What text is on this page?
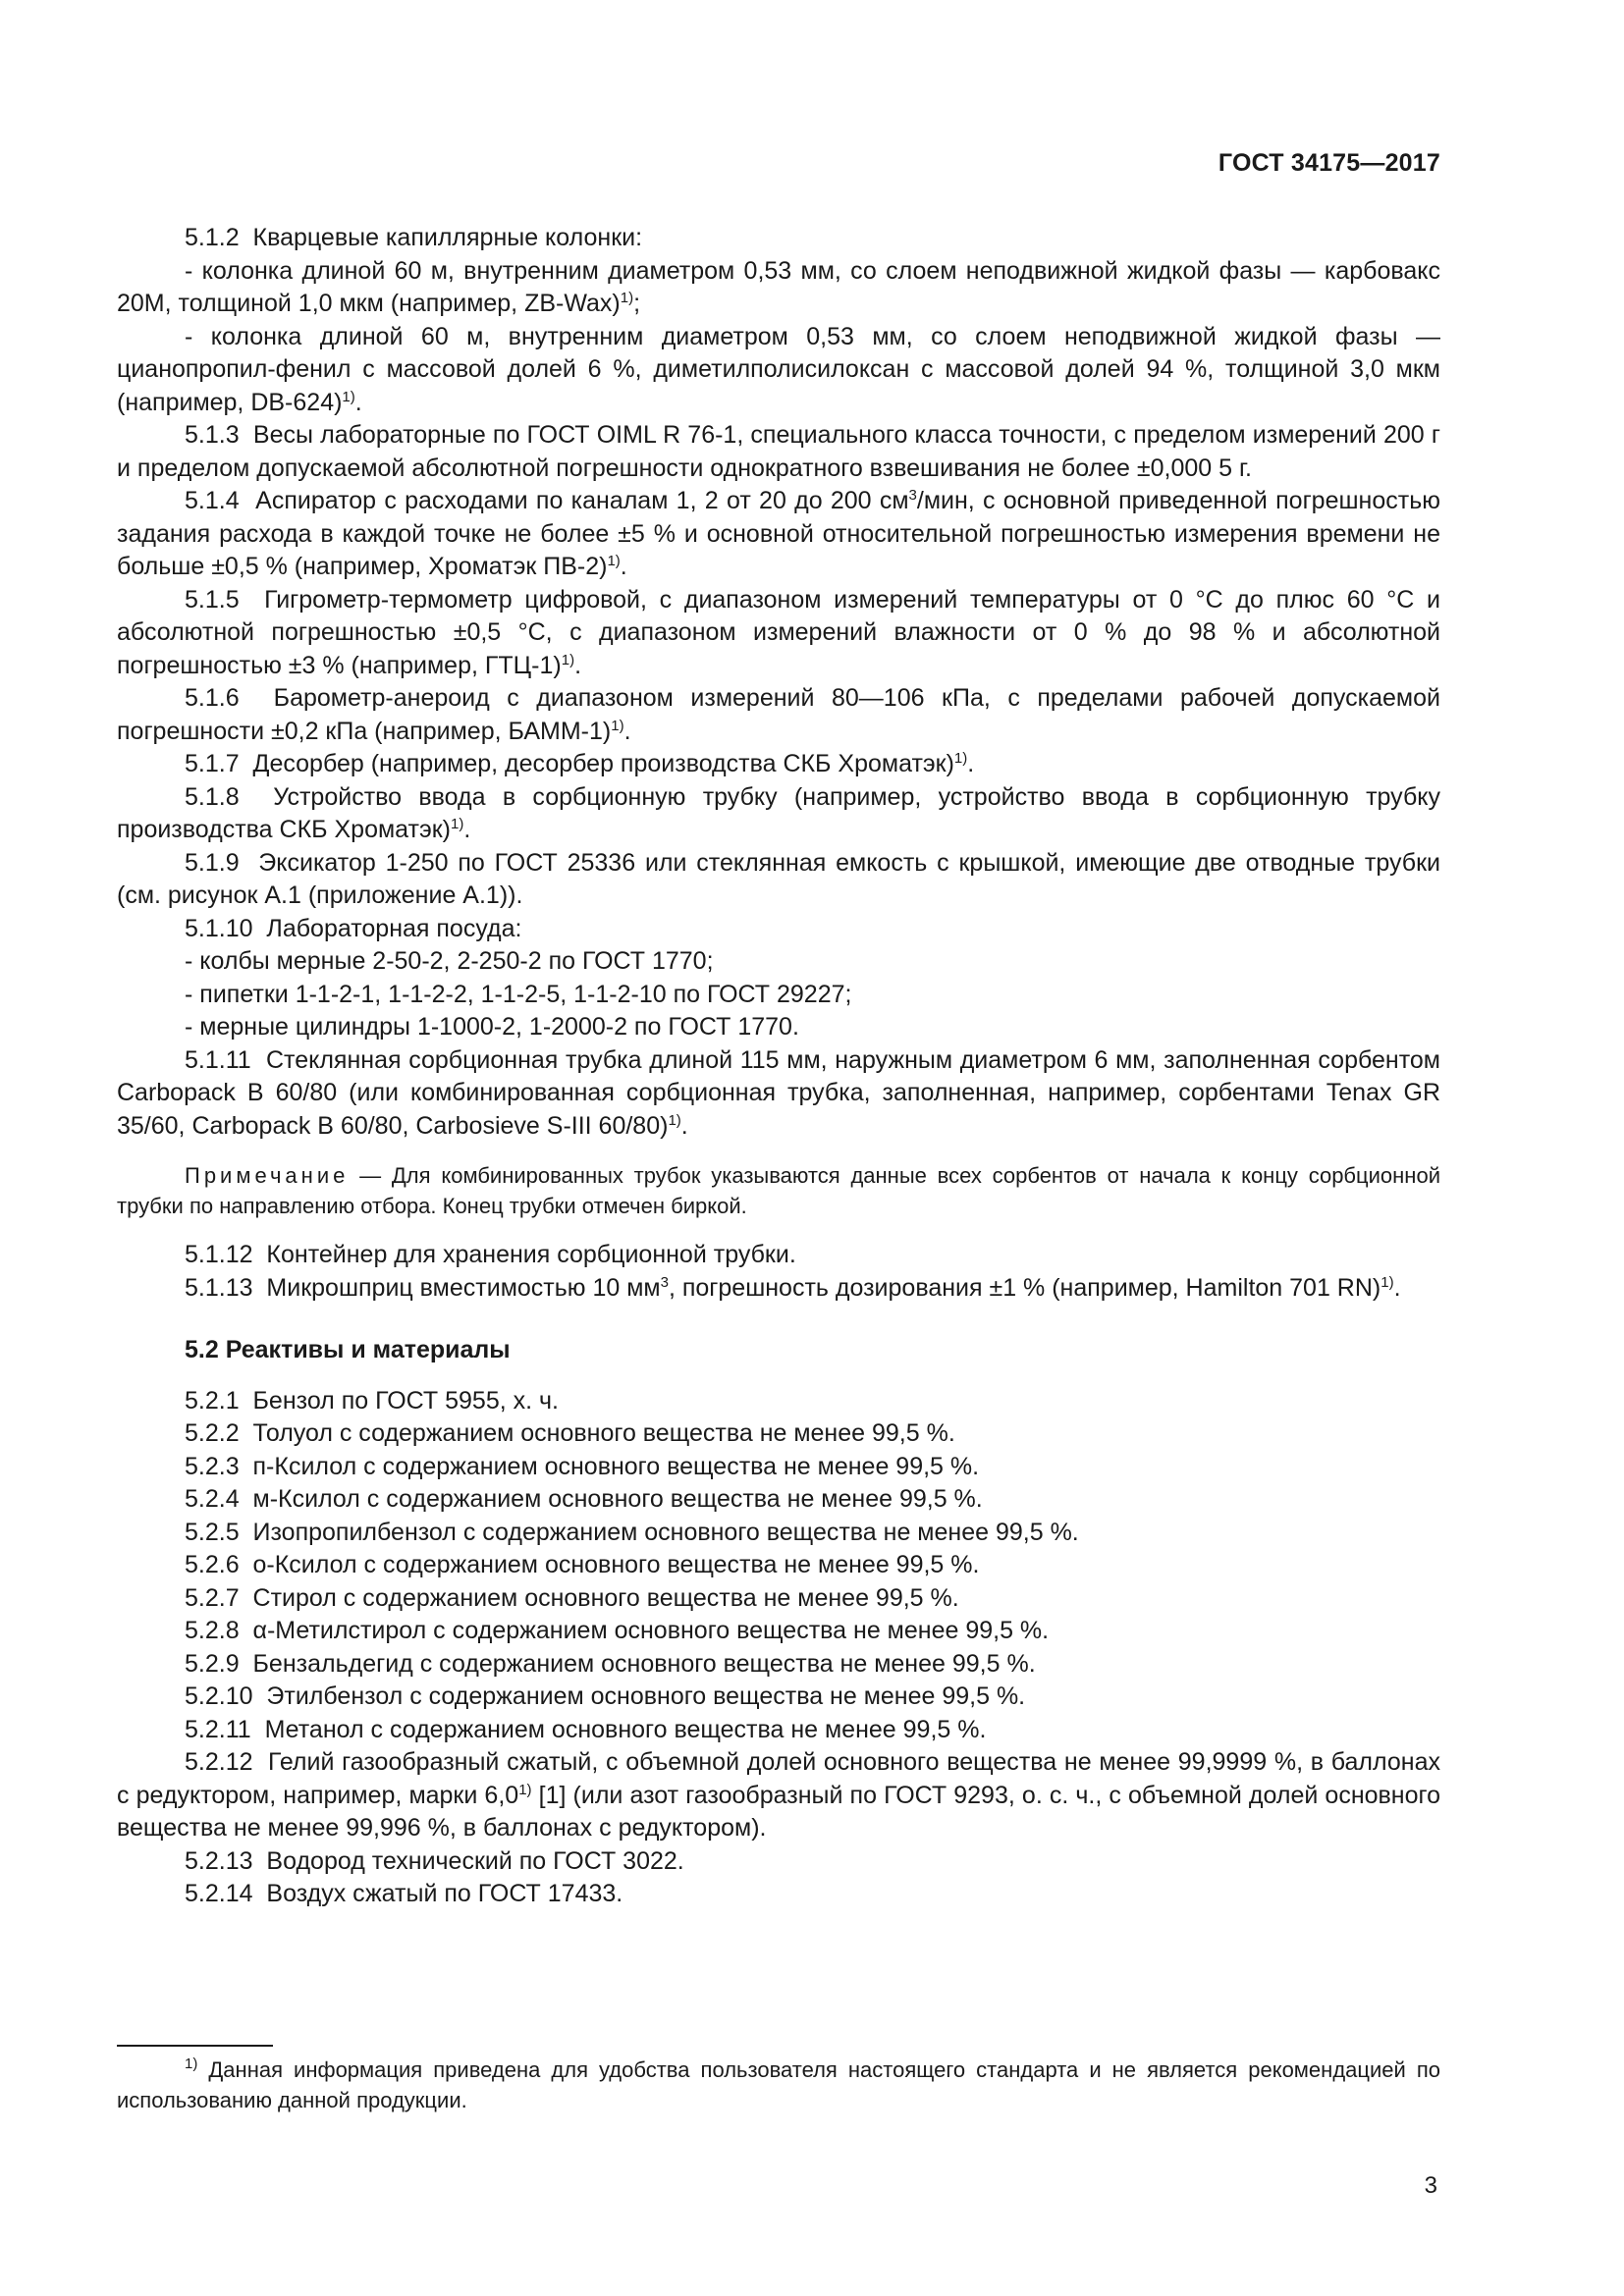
ГОСТ 34175—2017

5.1.2 Кварцевые капиллярные колонки:

- колонка длиной 60 м, внутренним диаметром 0,53 мм, со слоем неподвижной жидкой фазы — карбовакс 20М, толщиной 1,0 мкм (например, ZB-Wax)$^{1)}$;

- колонка длиной 60 м, внутренним диаметром 0,53 мм, со слоем неподвижной жидкой фазы — цианопропил-фенил с массовой долей 6 %, диметилполисилоксан с массовой долей 94 %, толщиной 3,0 мкм (например, DB-624)$^{1)}$.

5.1.3 Весы лабораторные по ГОСТ OIML R 76-1, специального класса точности, с пределом измерений 200 г и пределом допускаемой абсолютной погрешности однократного взвешивания не более ±0,000 5 г.

5.1.4 Аспиратор с расходами по каналам 1, 2 от 20 до 200 $см^3$/мин, с основной приведенной погрешностью задания расхода в каждой точке не более ±5 % и основной относительной погрешностью измерения времени не больше ±0,5 % (например, Хроматэк ПВ-2)$^{1)}$.

5.1.5 Гигрометр-термометр цифровой, с диапазоном измерений температуры от 0 °С до плюс 60 °С и абсолютной погрешностью ±0,5 °С, с диапазоном измерений влажности от 0 % до 98 % и абсолютной погрешностью ±3 % (например, ГТЦ-1)$^{1)}$.

5.1.6 Барометр-анероид с диапазоном измерений 80—106 кПа, с пределами рабочей допускаемой погрешности ±0,2 кПа (например, БАММ-1)$^{1)}$.

5.1.7 Десорбер (например, десорбер производства СКБ Хроматэк)$^{1)}$.

5.1.8 Устройство ввода в сорбционную трубку (например, устройство ввода в сорбционную трубку производства СКБ Хроматэк)$^{1)}$.

5.1.9 Эксикатор 1-250 по ГОСТ 25336 или стеклянная емкость с крышкой, имеющие две отводные трубки (см. рисунок А.1 (приложение А.1)).

5.1.10 Лабораторная посуда:

- колбы мерные 2-50-2, 2-250-2 по ГОСТ 1770;

- пипетки 1-1-2-1, 1-1-2-2, 1-1-2-5, 1-1-2-10 по ГОСТ 29227;

- мерные цилиндры 1-1000-2, 1-2000-2 по ГОСТ 1770.

5.1.11 Стеклянная сорбционная трубка длиной 115 мм, наружным диаметром 6 мм, заполненная сорбентом Carbopack B 60/80 (или комбинированная сорбционная трубка, заполненная, например, сорбентами Tenax GR 35/60, Carbopack B 60/80, Carbosieve S-III 60/80)$^{1)}$.

Примечание — Для комбинированных трубок указываются данные всех сорбентов от начала к концу сорбционной трубки по направлению отбора. Конец трубки отмечен биркой.

5.1.12 Контейнер для хранения сорбционной трубки.

5.1.13 Микрошприц вместимостью 10 $мм^3$, погрешность дозирования ±1 % (например, Hamilton 701 RN)$^{1)}$.

5.2 Реактивы и материалы

5.2.1 Бензол по ГОСТ 5955, х. ч.

5.2.2 Толуол с содержанием основного вещества не менее 99,5 %.

5.2.3 п-Ксилол с содержанием основного вещества не менее 99,5 %.

5.2.4 м-Ксилол с содержанием основного вещества не менее 99,5 %.

5.2.5 Изопропилбензол с содержанием основного вещества не менее 99,5 %.

5.2.6 о-Ксилол с содержанием основного вещества не менее 99,5 %.

5.2.7 Стирол с содержанием основного вещества не менее 99,5 %.

5.2.8 α-Метилстирол с содержанием основного вещества не менее 99,5 %.

5.2.9 Бензальдегид с содержанием основного вещества не менее 99,5 %.

5.2.10 Этилбензол с содержанием основного вещества не менее 99,5 %.

5.2.11 Метанол с содержанием основного вещества не менее 99,5 %.

5.2.12 Гелий газообразный сжатый, с объемной долей основного вещества не менее 99,9999 %, в баллонах с редуктором, например, марки 6,0$^{1)}$ [1] (или азот газообразный по ГОСТ 9293, о. с. ч., с объемной долей основного вещества не менее 99,996 %, в баллонах с редуктором).

5.2.13 Водород технический по ГОСТ 3022.

5.2.14 Воздух сжатый по ГОСТ 17433.

$^{1)}$ Данная информация приведена для удобства пользователя настоящего стандарта и не является рекомендацией по использованию данной продукции.

3
